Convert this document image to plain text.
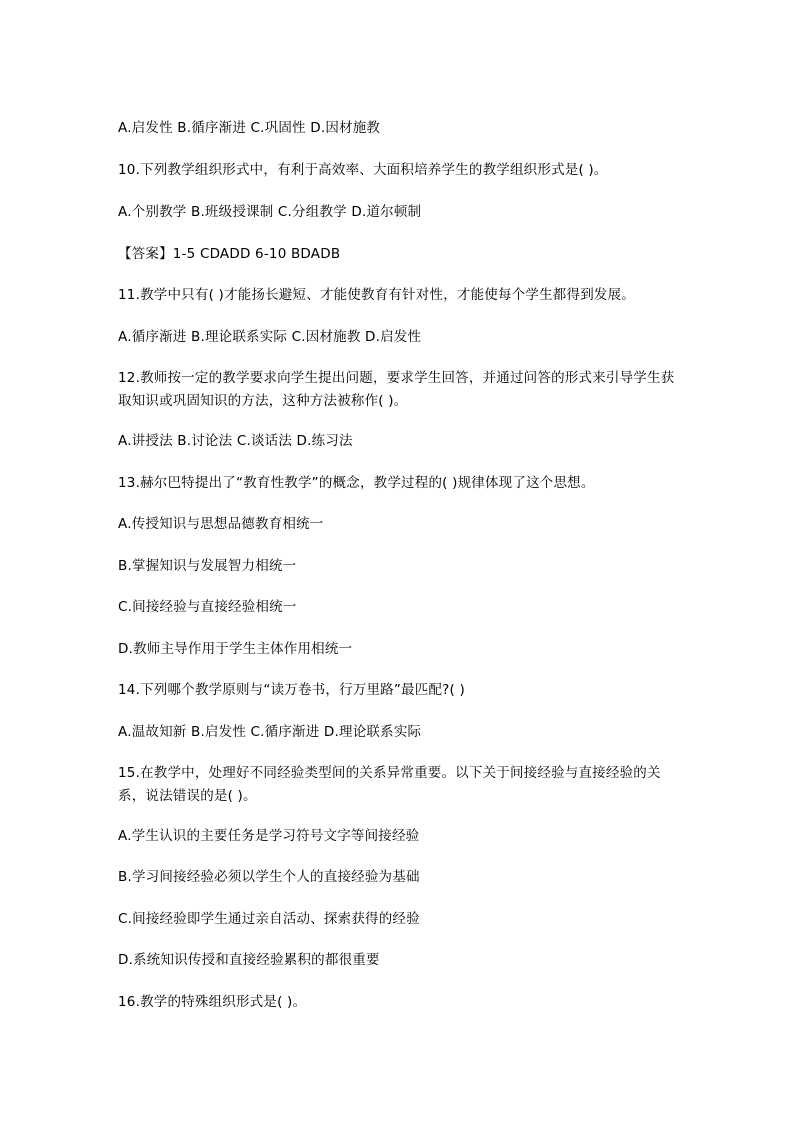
A.启发性 B.循序渐进 C.巩固性 D.因材施教
10.下列教学组织形式中，有利于高效率、大面积培养学生的教学组织形式是( )。
A.个别教学 B.班级授课制 C.分组教学 D.道尔顿制
【答案】1-5 CDADD 6-10 BDADB
11.教学中只有( )才能扬长避短、才能使教育有针对性，才能使每个学生都得到发展。
A.循序渐进 B.理论联系实际 C.因材施教 D.启发性
12.教师按一定的教学要求向学生提出问题，要求学生回答，并通过问答的形式来引导学生获取知识或巩固知识的方法，这种方法被称作( )。
A.讲授法 B.讨论法 C.谈话法 D.练习法
13.赫尔巴特提出了“教育性教学”的概念，教学过程的( )规律体现了这个思想。
A.传授知识与思想品德教育相统一
B.掌握知识与发展智力相统一
C.间接经验与直接经验相统一
D.教师主导作用于学生主体作用相统一
14.下列哪个教学原则与“读万卷书，行万里路”最匹配?( )
A.温故知新 B.启发性 C.循序渐进 D.理论联系实际
15.在教学中，处理好不同经验类型间的关系异常重要。以下关于间接经验与直接经验的关系，说法错误的是( )。
A.学生认识的主要任务是学习符号文字等间接经验
B.学习间接经验必须以学生个人的直接经验为基础
C.间接经验即学生通过亲自活动、探索获得的经验
D.系统知识传授和直接经验累积的都很重要
16.教学的特殊组织形式是( )。
